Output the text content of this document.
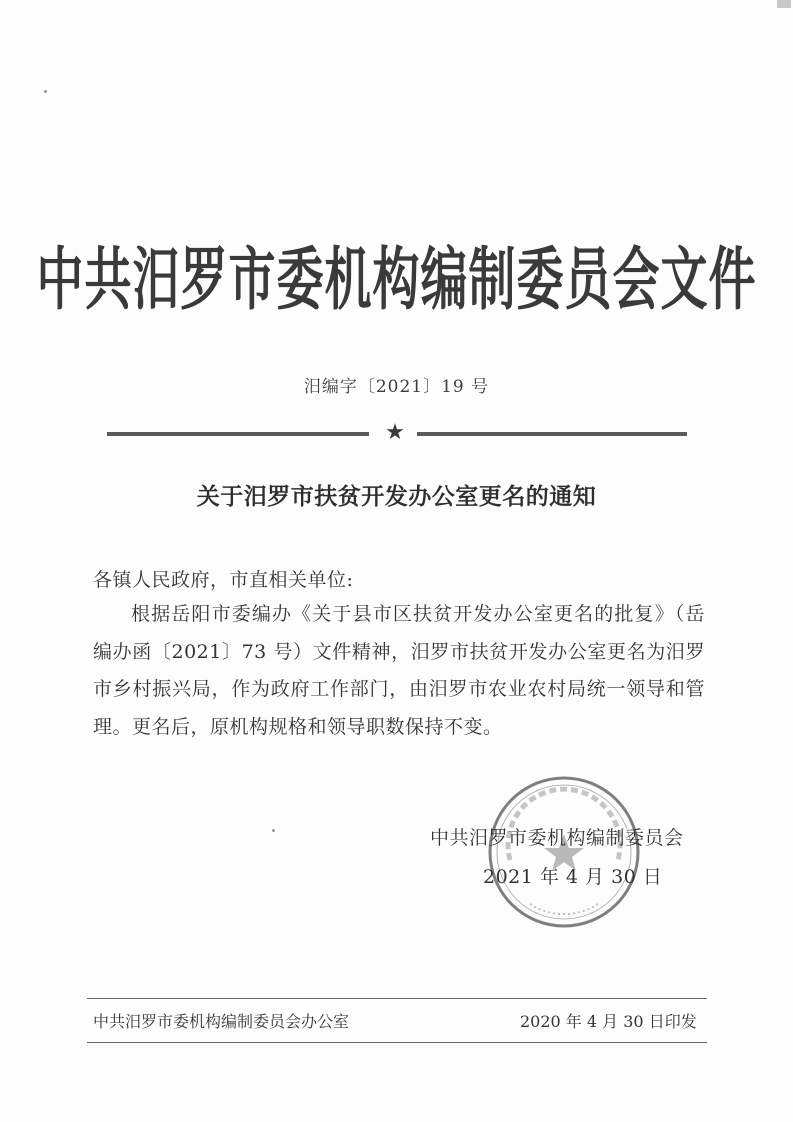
中共汨罗市委机构编制委员会文件
汨编字〔2021〕19 号
★
关于汨罗市扶贫开发办公室更名的通知
各镇人民政府，市直相关单位:
根据岳阳市委编办《关于县市区扶贫开发办公室更名的批复》（岳编办函〔2021〕73 号）文件精神，汨罗市扶贫开发办公室更名为汨罗市乡村振兴局，作为政府工作部门，由汨罗市农业农村局统一领导和管理。更名后，原机构规格和领导职数保持不变。
中共汨罗市委机构编制委员会
2021 年 4 月 30 日
中共汨罗市委机构编制委员会办公室	2020 年 4 月 30 日印发
